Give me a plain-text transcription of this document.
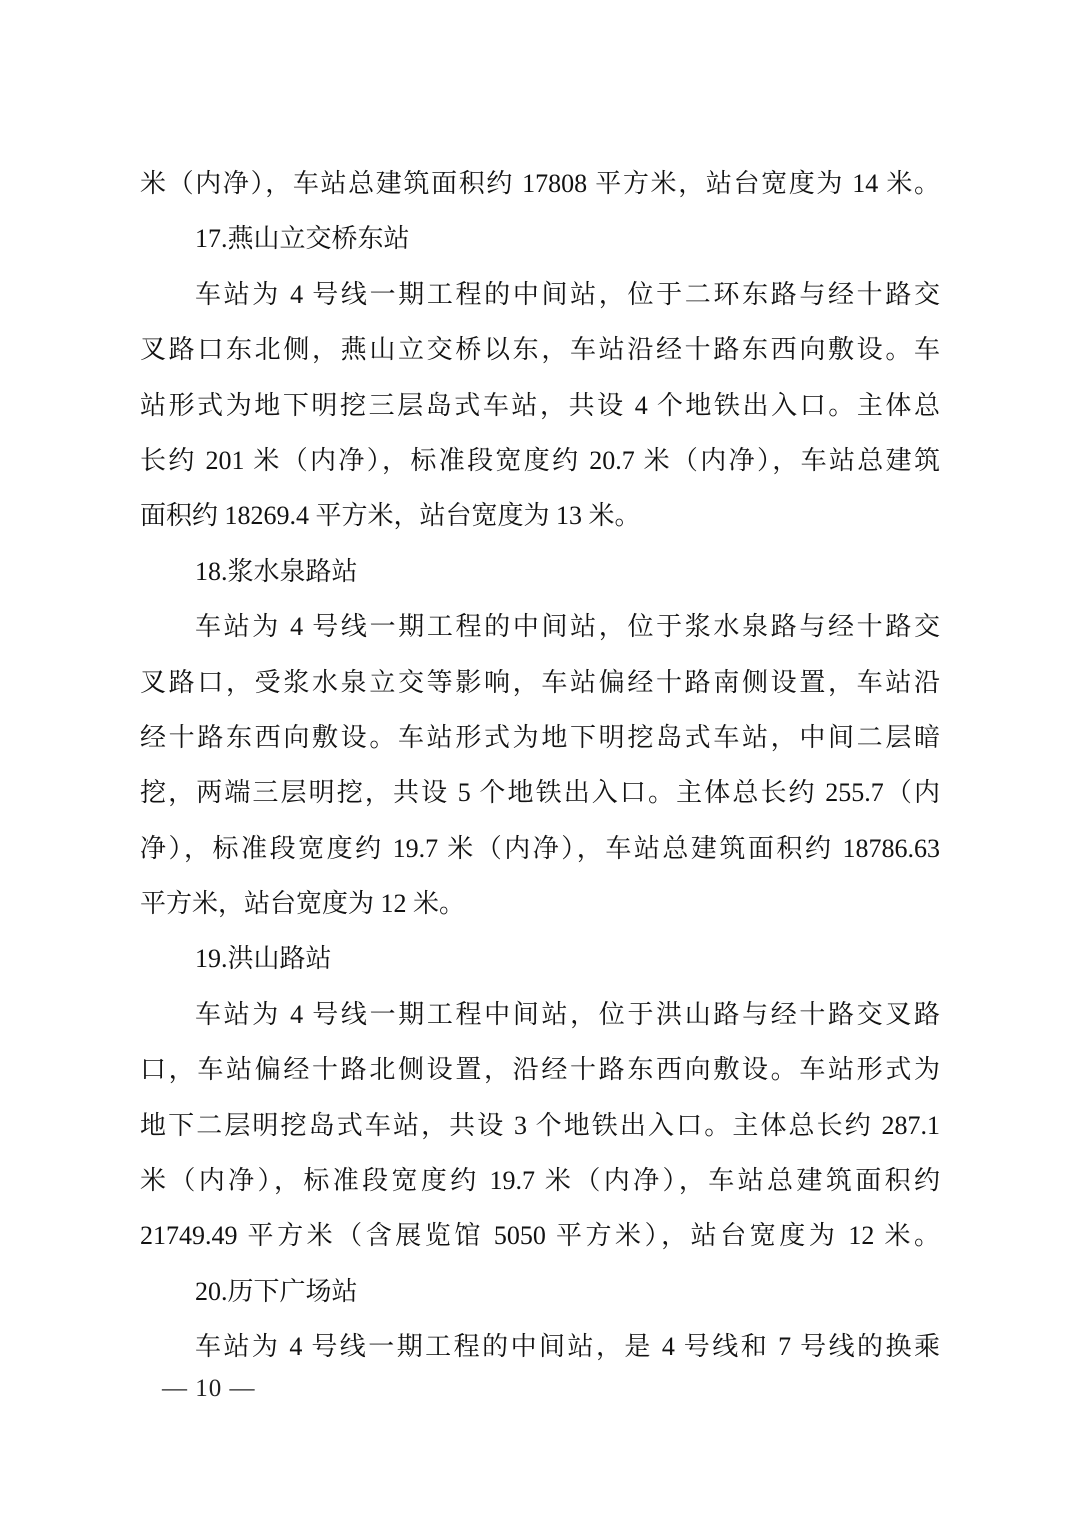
米（内净），车站总建筑面积约 17808 平方米，站台宽度为 14 米。
17.燕山立交桥东站
车站为 4 号线一期工程的中间站，位于二环东路与经十路交
叉路口东北侧，燕山立交桥以东，车站沿经十路东西向敷设。车
站形式为地下明挖三层岛式车站，共设 4 个地铁出入口。主体总
长约 201 米（内净），标准段宽度约 20.7 米（内净），车站总建筑
面积约 18269.4 平方米，站台宽度为 13 米。
18.浆水泉路站
车站为 4 号线一期工程的中间站，位于浆水泉路与经十路交
叉路口，受浆水泉立交等影响，车站偏经十路南侧设置，车站沿
经十路东西向敷设。车站形式为地下明挖岛式车站，中间二层暗
挖，两端三层明挖，共设 5 个地铁出入口。主体总长约 255.7（内
净），标准段宽度约 19.7 米（内净），车站总建筑面积约 18786.63
平方米，站台宽度为 12 米。
19.洪山路站
车站为 4 号线一期工程中间站，位于洪山路与经十路交叉路
口，车站偏经十路北侧设置，沿经十路东西向敷设。车站形式为
地下二层明挖岛式车站，共设 3 个地铁出入口。主体总长约 287.1
米（内净），标准段宽度约 19.7 米（内净），车站总建筑面积约
21749.49 平方米（含展览馆 5050 平方米），站台宽度为 12 米。
20.历下广场站
车站为 4 号线一期工程的中间站，是 4 号线和 7 号线的换乘
— 10 —
